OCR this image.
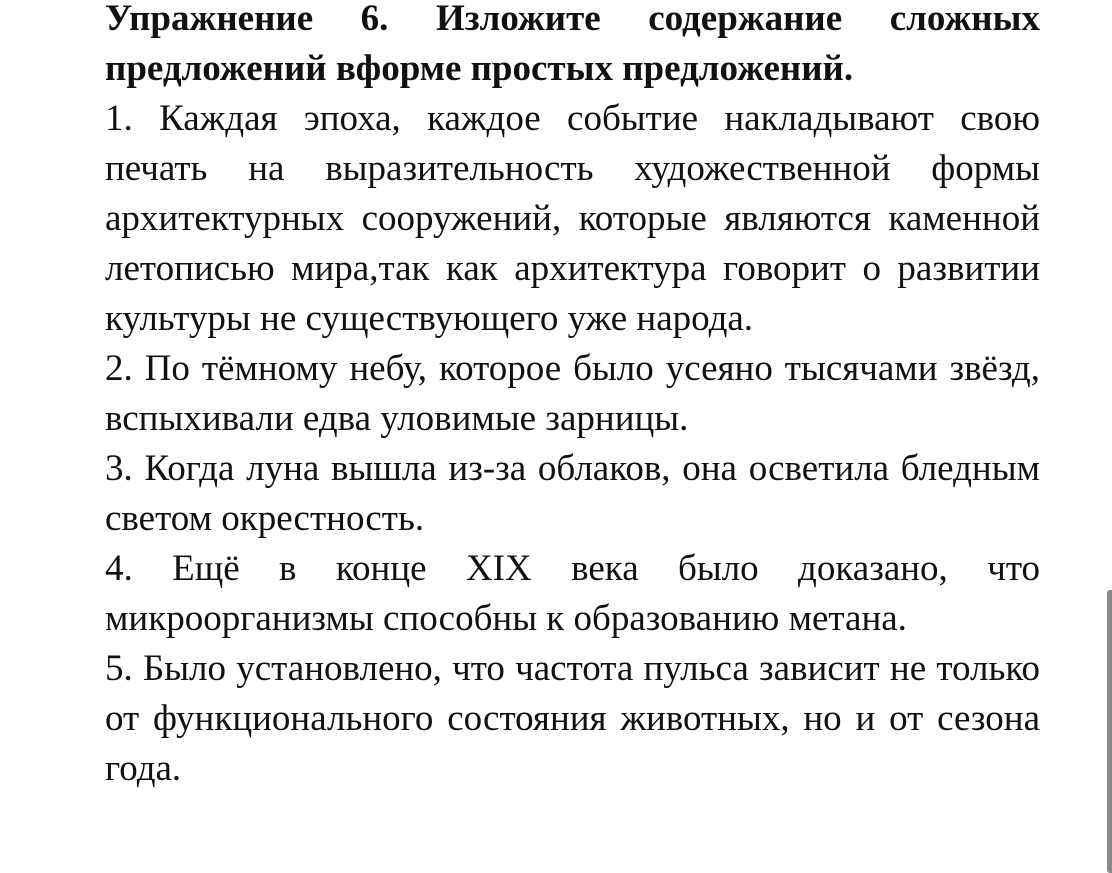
Упражнение 6. Изложите содержание сложных предложений вформе простых предложений.

1. Каждая эпоха, каждое событие накладывают свою печать на выразительность художественной формы архитектурных сооружений, которые являются каменной летописью мира,так как архитектура говорит о развитии культуры не существующего уже народа.
2. По тёмному небу, которое было усеяно тысячами звёзд, вспыхивали едва уловимые зарницы.
3. Когда луна вышла из-за облаков, она осветила бледным светом окрестность.
4. Ещё в конце XIX века было доказано, что микроорганизмы способны к образованию метана.
5. Было установлено, что частота пульса зависит не только от функционального состояния животных, но и от сезона года.
